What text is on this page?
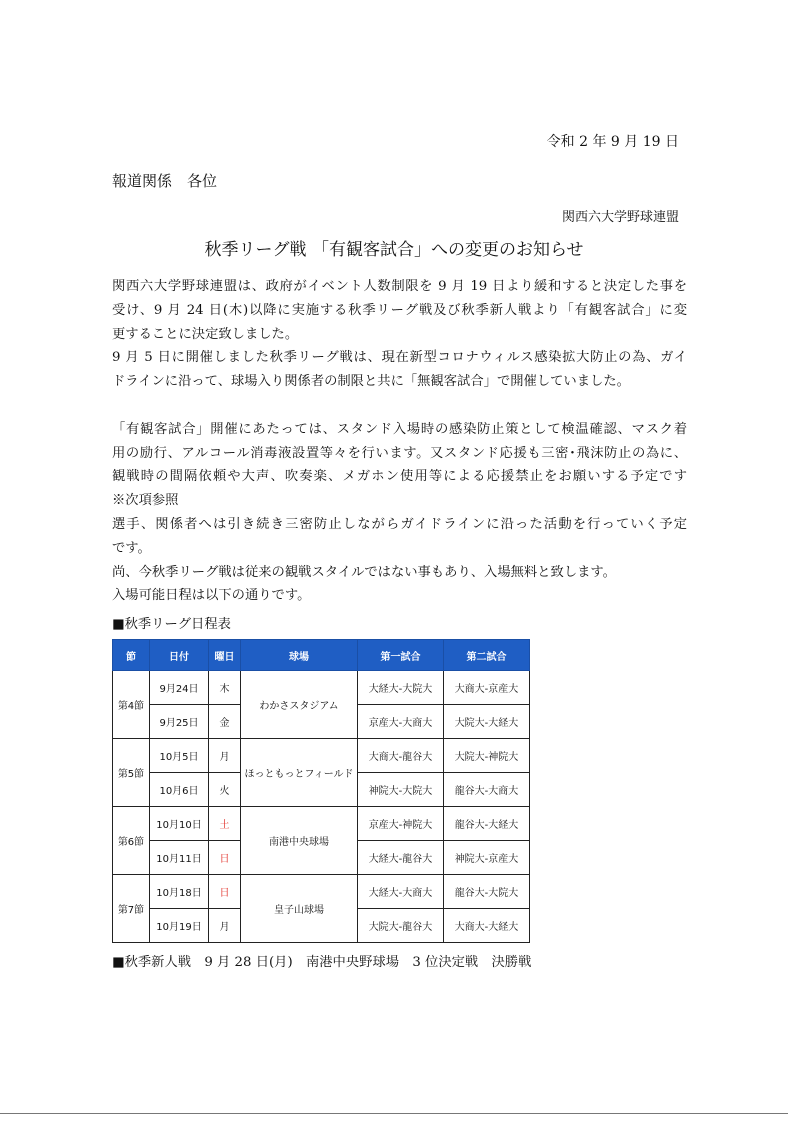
令和 2 年 9 月 19 日
報道関係　各位
関西六大学野球連盟
秋季リーグ戦 「有観客試合」への変更のお知らせ
関西六大学野球連盟は、政府がイベント人数制限を 9 月 19 日より緩和すると決定した事を
受け、9 月 24 日(木)以降に実施する秋季リーグ戦及び秋季新人戦より「有観客試合」に変
更することに決定致しました。
9 月 5 日に開催しました秋季リーグ戦は、現在新型コロナウィルス感染拡大防止の為、ガイ
ドラインに沿って、球場入り関係者の制限と共に「無観客試合」で開催していました。
「有観客試合」開催にあたっては、スタンド入場時の感染防止策として検温確認、マスク着
用の励行、アルコール消毒液設置等々を行います。又スタンド応援も三密･飛沫防止の為に、
観戦時の間隔依頼や大声、吹奏楽、メガホン使用等による応援禁止をお願いする予定です
※次項参照
選手、関係者へは引き続き三密防止しながらガイドラインに沿った活動を行っていく予定
です。
尚、今秋季リーグ戦は従来の観戦スタイルではない事もあり、入場無料と致します。
入場可能日程は以下の通りです。
■秋季リーグ日程表
節	日付	曜日	球場	第一試合	第二試合
第4節	9月24日	木	わかさスタジアム	大経大-大院大	大商大-京産大
	9月25日	金		京産大-大商大	大院大-大経大
第5節	10月5日	月	ほっともっとフィールド	大商大-龍谷大	大院大-神院大
	10月6日	火		神院大-大院大	龍谷大-大商大
第6節	10月10日	土	南港中央球場	京産大-神院大	龍谷大-大経大
	10月11日	日		大経大-龍谷大	神院大-京産大
第7節	10月18日	日	皇子山球場	大経大-大商大	龍谷大-大院大
	10月19日	月		大院大-龍谷大	大商大-大経大
■秋季新人戦　9 月 28 日(月)　南港中央野球場　3 位決定戦　決勝戦
